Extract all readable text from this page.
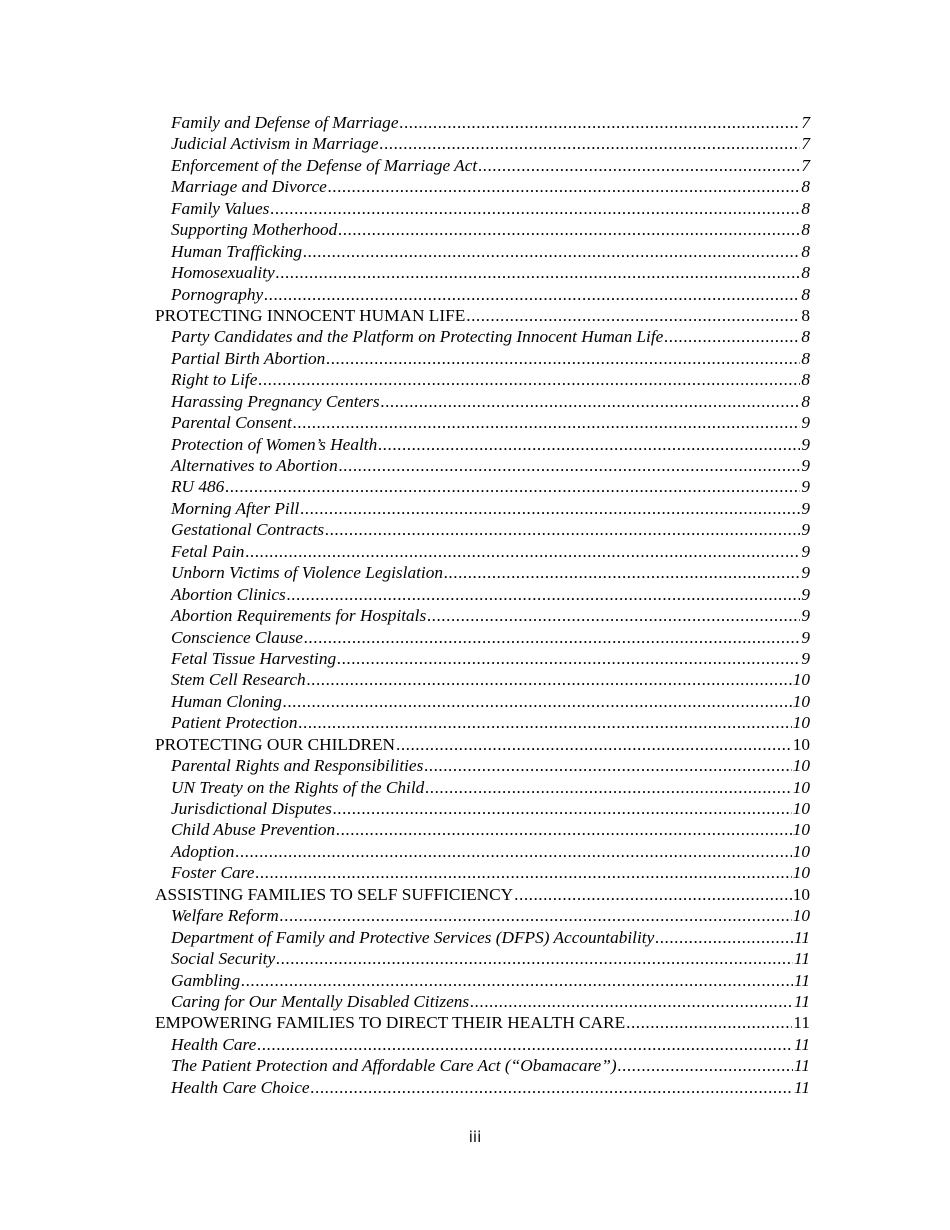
Family and Defense of Marriage .....	7
Judicial Activism in Marriage .....	7
Enforcement of the Defense of Marriage Act .....	7
Marriage and Divorce .....	8
Family Values .....	8
Supporting Motherhood .....	8
Human Trafficking .....	8
Homosexuality .....	8
Pornography .....	8
PROTECTING INNOCENT HUMAN LIFE .....	8
Party Candidates and the Platform on Protecting Innocent Human Life .....	8
Partial Birth Abortion .....	8
Right to Life .....	8
Harassing Pregnancy Centers .....	8
Parental Consent .....	9
Protection of Women’s Health .....	9
Alternatives to Abortion .....	9
RU 486 .....	9
Morning After Pill .....	9
Gestational Contracts .....	9
Fetal Pain .....	9
Unborn Victims of Violence Legislation .....	9
Abortion Clinics .....	9
Abortion Requirements for Hospitals .....	9
Conscience Clause .....	9
Fetal Tissue Harvesting .....	9
Stem Cell Research .....	10
Human Cloning .....	10
Patient Protection .....	10
PROTECTING OUR CHILDREN .....	10
Parental Rights and Responsibilities .....	10
UN Treaty on the Rights of the Child .....	10
Jurisdictional Disputes .....	10
Child Abuse Prevention .....	10
Adoption .....	10
Foster Care .....	10
ASSISTING FAMILIES TO SELF SUFFICIENCY .....	10
Welfare Reform .....	10
Department of Family and Protective Services (DFPS) Accountability .....	11
Social Security .....	11
Gambling .....	11
Caring for Our Mentally Disabled Citizens .....	11
EMPOWERING FAMILIES TO DIRECT THEIR HEALTH CARE .....	11
Health Care .....	11
The Patient Protection and Affordable Care Act (“Obamacare”) .....	11
Health Care Choice .....	11
iii
